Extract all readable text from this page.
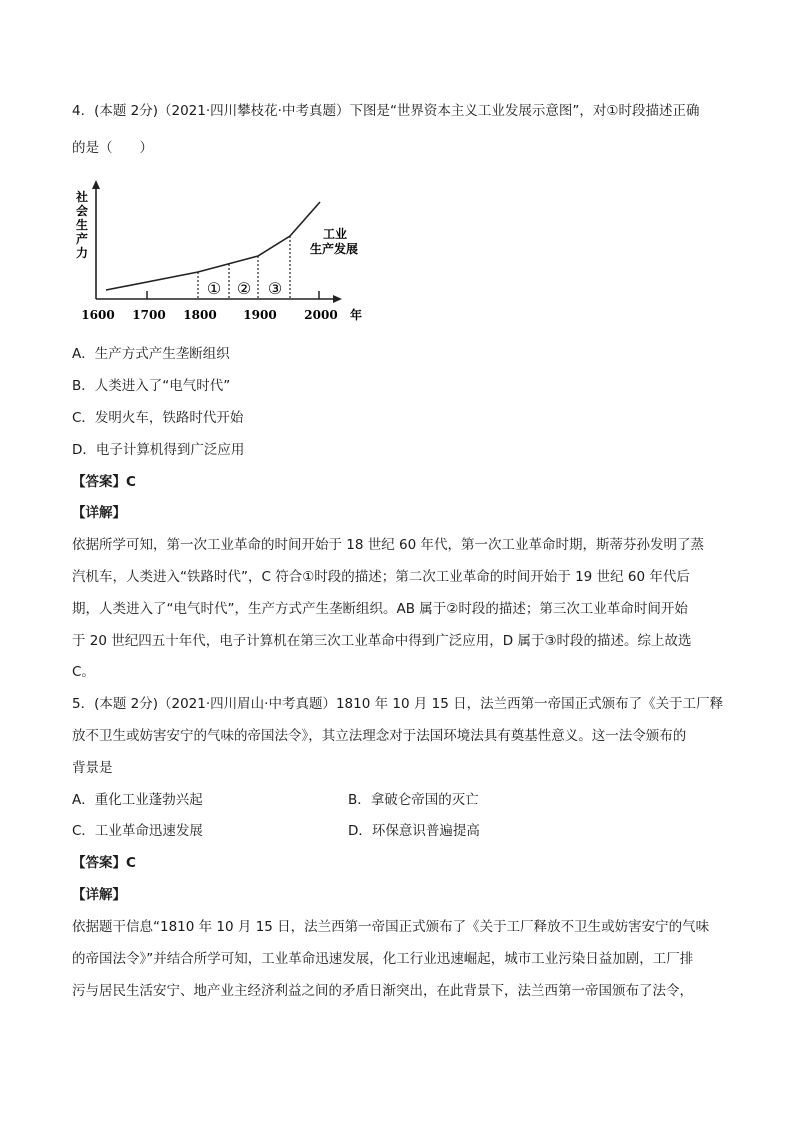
4．(本题 2分)（2021·四川攀枝花·中考真题）下图是“世界资本主义工业发展示意图”，对①时段描述正确
的是（　　）
社
会
生
产
力
① ② ③
工业
生产发展
1600 1700 1800 1900 2000 年
A．生产方式产生垄断组织
B．人类进入了“电气时代”
C．发明火车，铁路时代开始
D．电子计算机得到广泛应用
【答案】C
【详解】
依据所学可知，第一次工业革命的时间开始于 18 世纪 60 年代，第一次工业革命时期，斯蒂芬孙发明了蒸
汽机车，人类进入“铁路时代”，C 符合①时段的描述；第二次工业革命的时间开始于 19 世纪 60 年代后
期，人类进入了“电气时代”，生产方式产生垄断组织。AB 属于②时段的描述；第三次工业革命时间开始
于 20 世纪四五十年代，电子计算机在第三次工业革命中得到广泛应用，D 属于③时段的描述。综上故选
C。
5．(本题 2分)（2021·四川眉山·中考真题）1810 年 10 月 15 日，法兰西第一帝国正式颁布了《关于工厂释
放不卫生或妨害安宁的气味的帝国法令》，其立法理念对于法国环境法具有奠基性意义。这一法令颁布的
背景是
A．重化工业蓬勃兴起	B．拿破仑帝国的灭亡
C．工业革命迅速发展	D．环保意识普遍提高
【答案】C
【详解】
依据题干信息“1810 年 10 月 15 日，法兰西第一帝国正式颁布了《关于工厂释放不卫生或妨害安宁的气味
的帝国法令》”并结合所学可知，工业革命迅速发展，化工行业迅速崛起，城市工业污染日益加剧，工厂排
污与居民生活安宁、地产业主经济利益之间的矛盾日渐突出，在此背景下，法兰西第一帝国颁布了法令，
